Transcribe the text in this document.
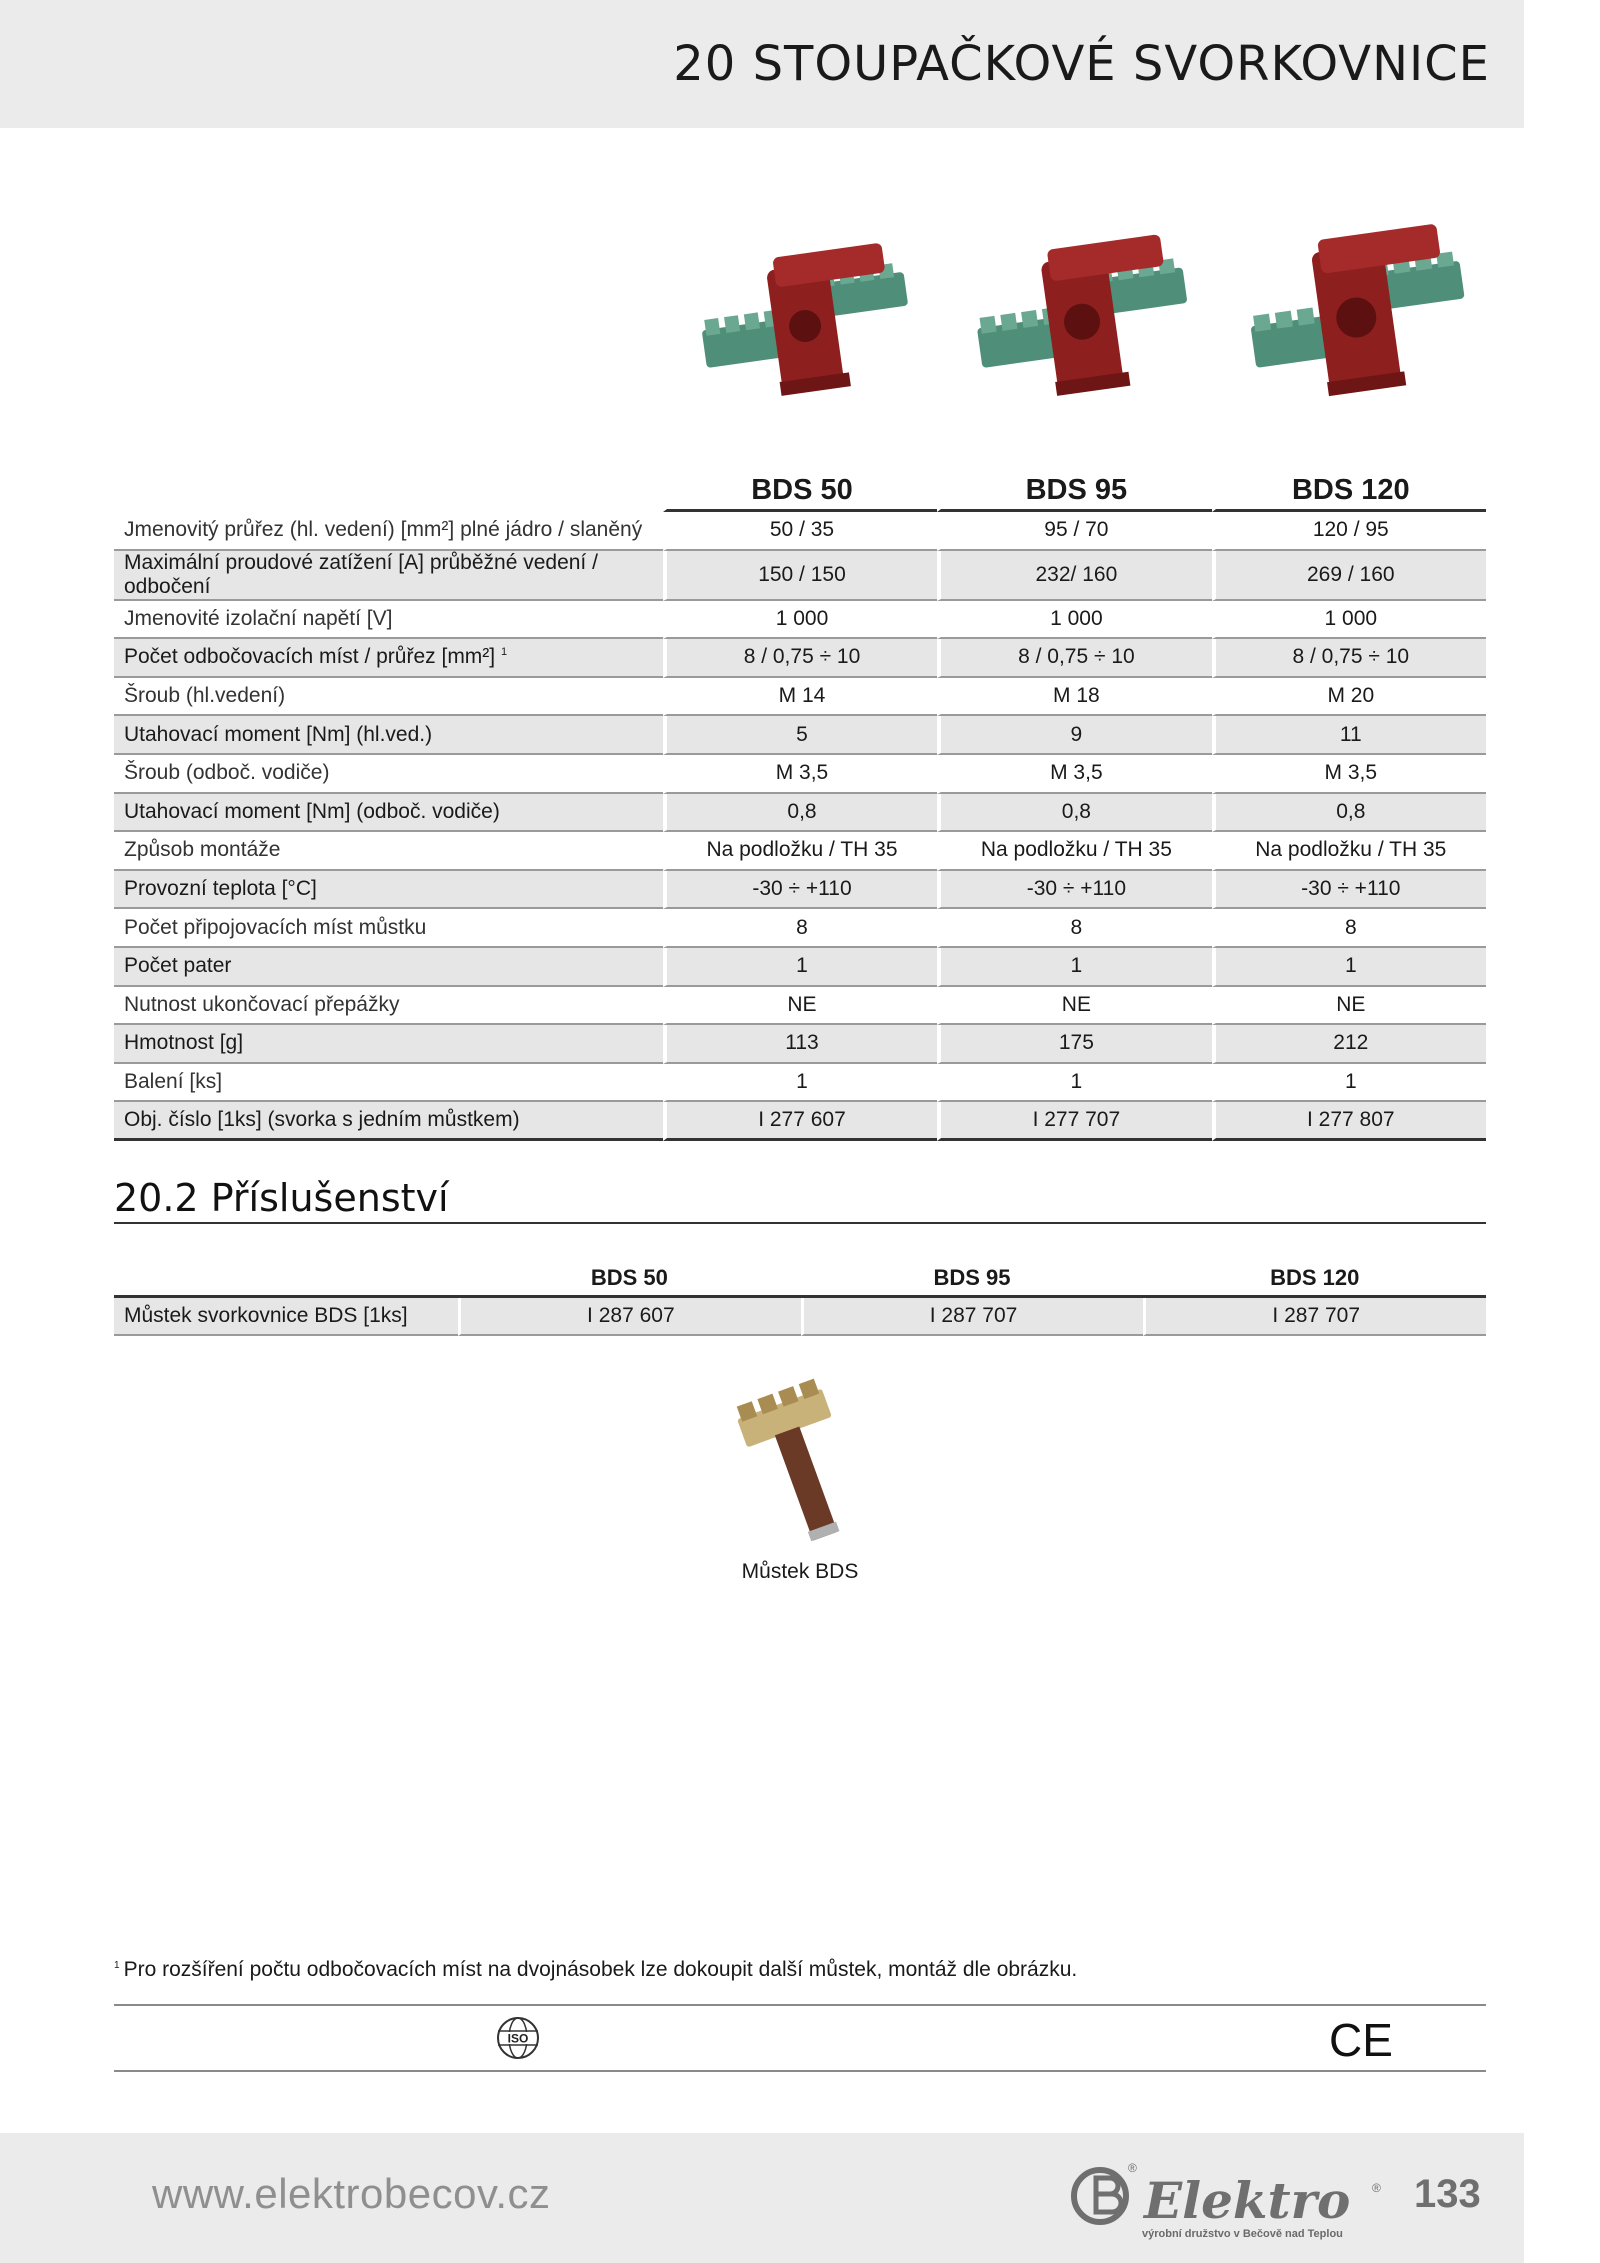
20 STOUPAČKOVÉ SVORKOVNICE
	BDS 50	BDS 95	BDS 120
Jmenovitý průřez (hl. vedení) [mm²] plné jádro / slaněný	50 / 35	95 / 70	120 / 95
Maximální proudové zatížení [A] průběžné vedení / odbočení	150 / 150	232/ 160	269 / 160
Jmenovité izolační napětí [V]	1 000	1 000	1 000
Počet odbočovacích míst / průřez [mm²] $^1$	8 / 0,75 ÷ 10	8 / 0,75 ÷ 10	8 / 0,75 ÷ 10
Šroub (hl.vedení)	M 14	M 18	M 20
Utahovací moment [Nm] (hl.ved.)	5	9	11
Šroub (odboč. vodiče)	M 3,5	M 3,5	M 3,5
Utahovací moment [Nm] (odboč. vodiče)	0,8	0,8	0,8
Způsob montáže	Na podložku / TH 35	Na podložku / TH 35	Na podložku / TH 35
Provozní teplota [°C]	-30 ÷ +110	-30 ÷ +110	-30 ÷ +110
Počet připojovacích míst můstku	8	8	8
Počet pater	1	1	1
Nutnost ukončovací přepážky	NE	NE	NE
Hmotnost [g]	113	175	212
Balení [ks]	1	1	1
Obj. číslo [1ks] (svorka s jedním můstkem)	I 277 607	I 277 707	I 277 807
20.2 Příslušenství
	BDS 50	BDS 95	BDS 120
Můstek svorkovnice BDS [1ks]	I 287 607	I 287 707	I 287 707
Můstek BDS
$^1$ Pro rozšíření počtu odbočovacích míst na dvojnásobek lze dokoupit další můstek, montáž dle obrázku.
ISO	CE
www.elektrobecov.cz
®
Elektro ®
výrobní družstvo v Bečově nad Teplou
133
